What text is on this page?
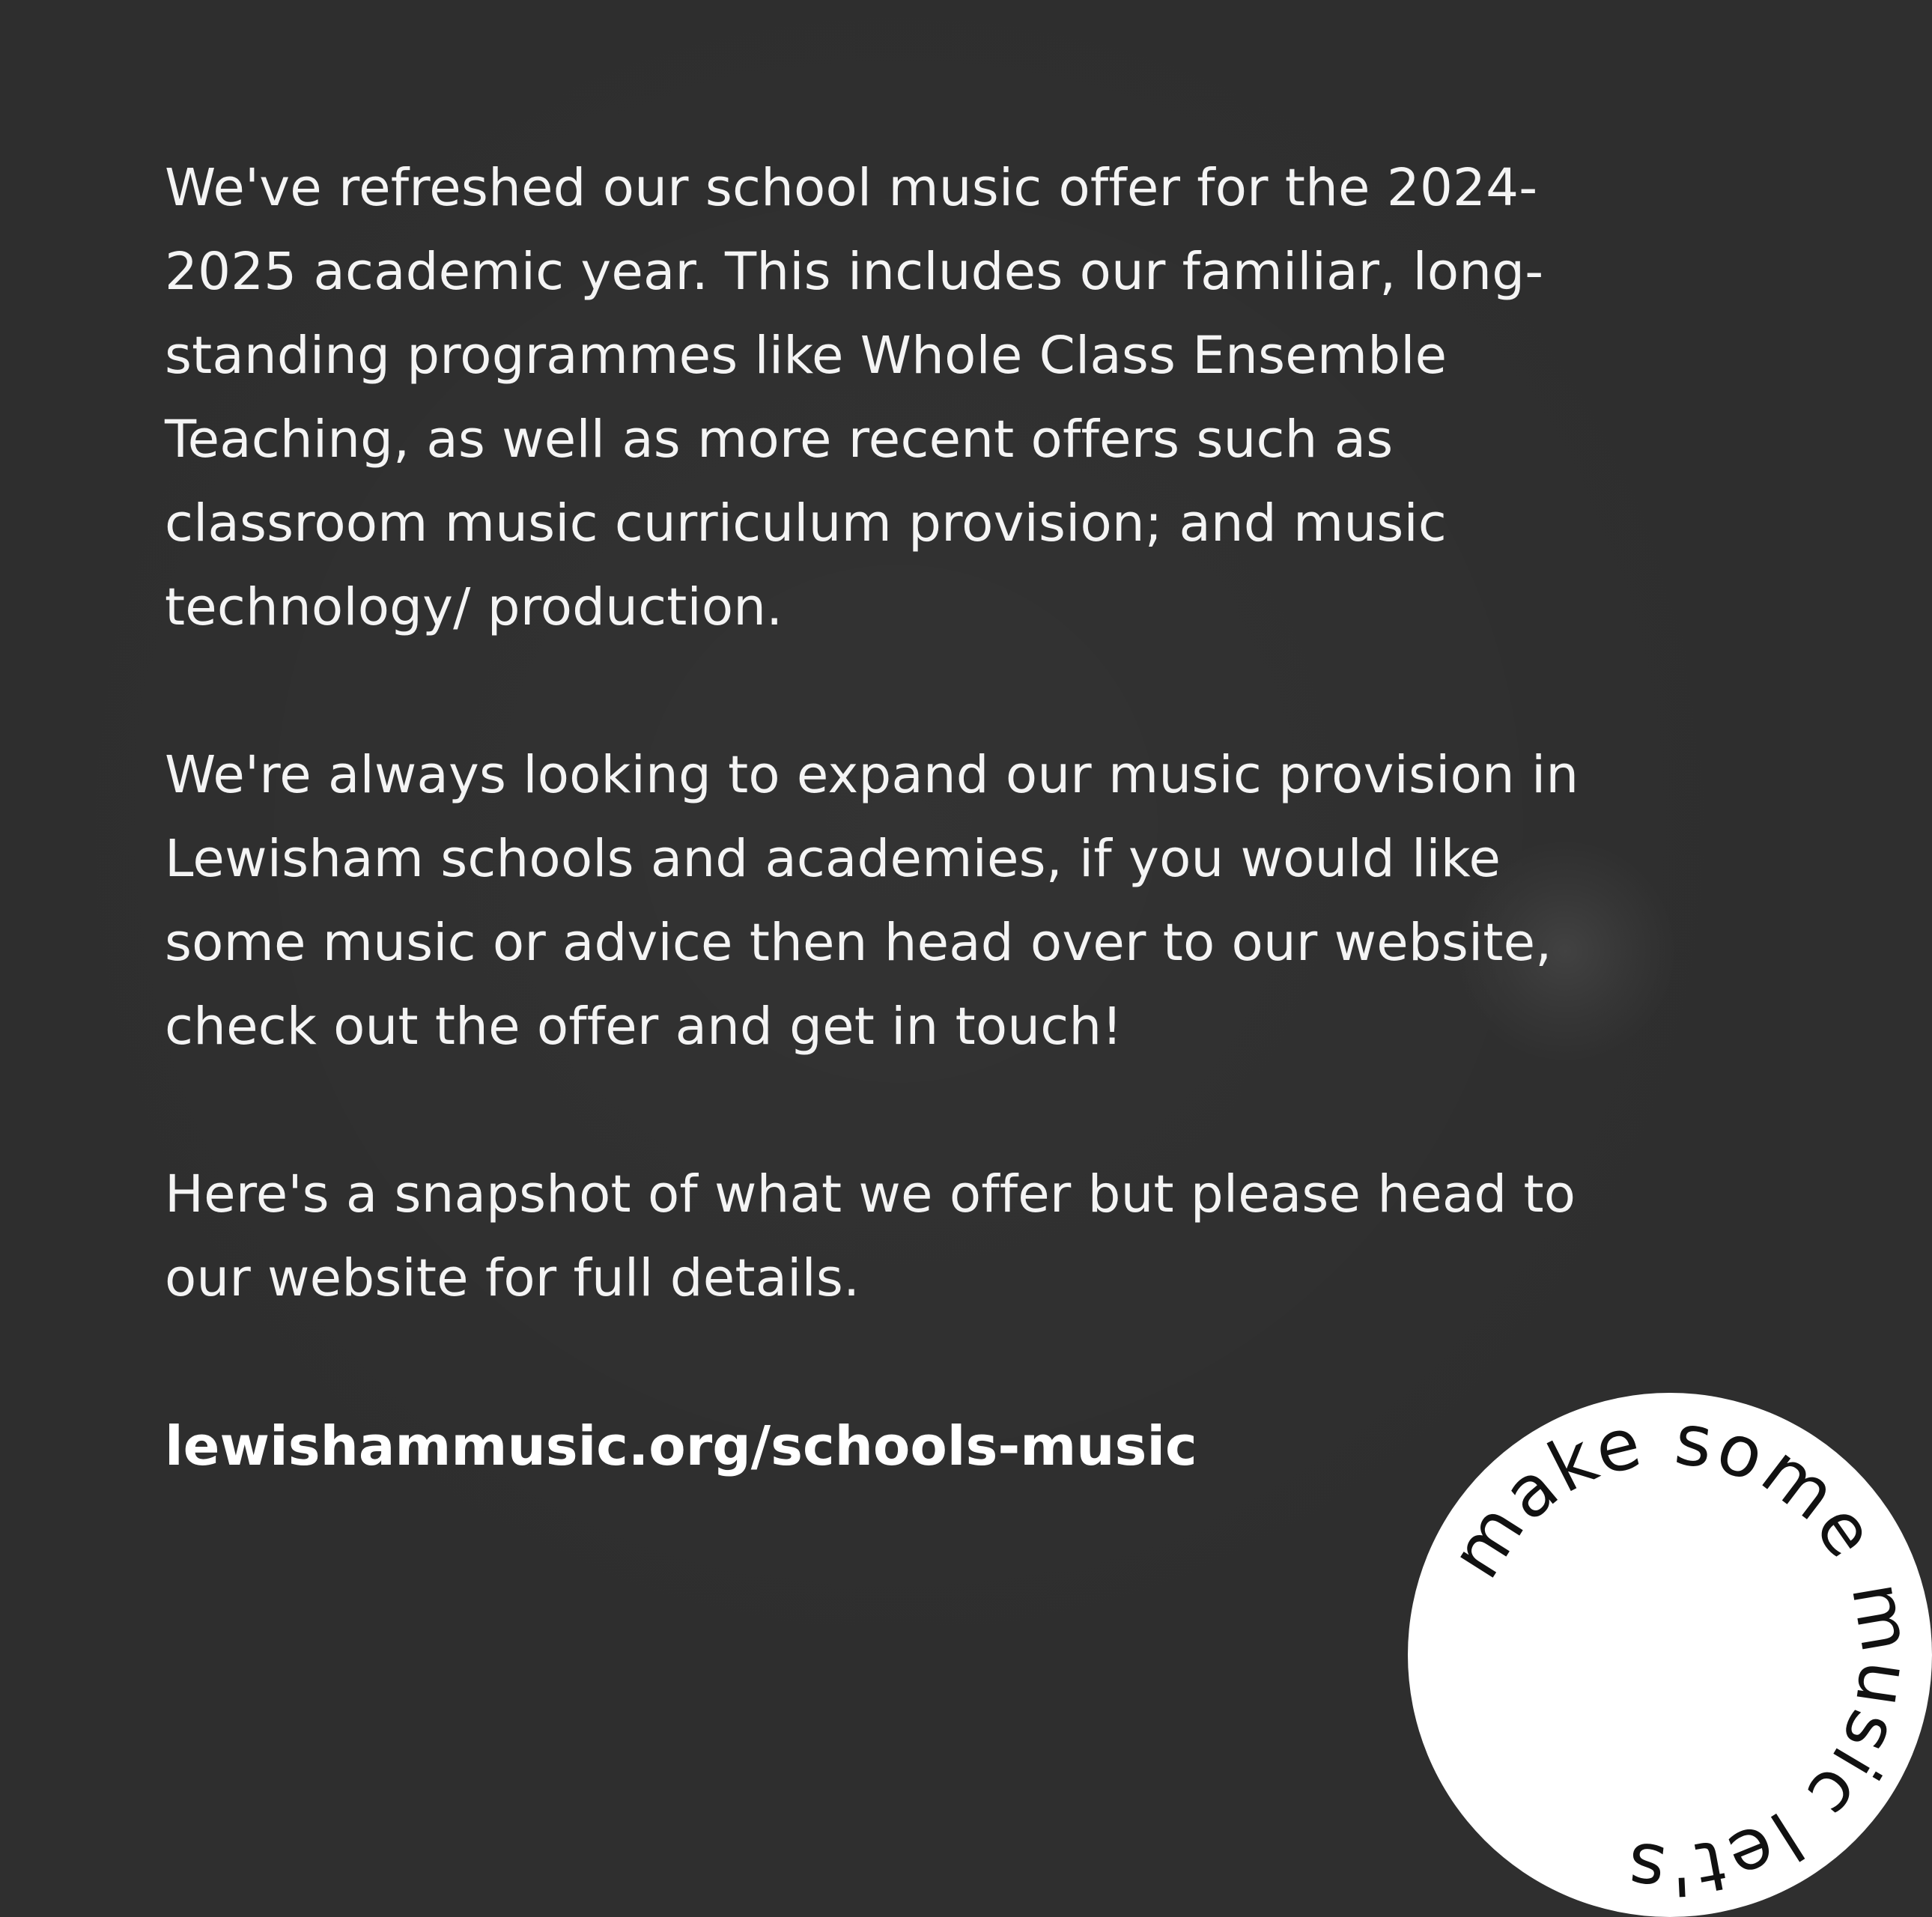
We've refreshed our school music offer for the 2024-2025 academic year. This includes our familiar, long-standing programmes like Whole Class Ensemble Teaching, as well as more recent offers such as classroom music curriculum provision; and music technology/ production.

We're always looking to expand our music provision in Lewisham schools and academies, if you would like some music or advice then head over to our website, check out the offer and get in touch!

Here's a snapshot of what we offer but please head to our website for full details.

lewishammusic.org/schools-music

make some music let's
